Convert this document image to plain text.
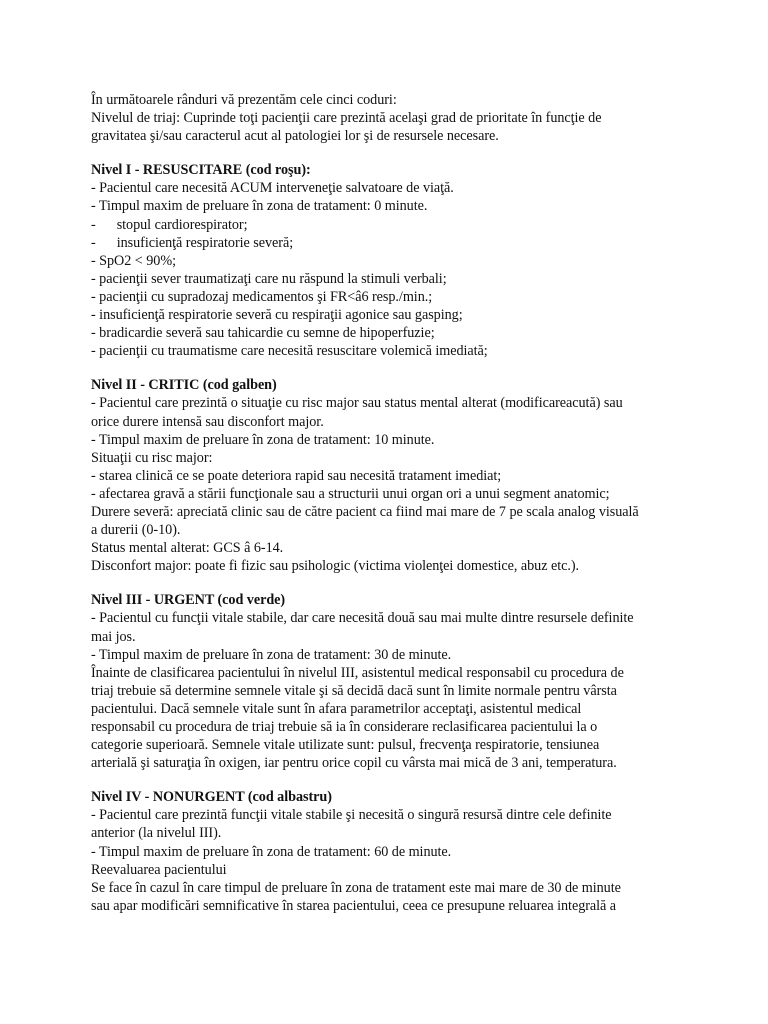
În următoarele rânduri vă prezentăm cele cinci coduri:
Nivelul de triaj: Cuprinde toţi pacienţii care prezintă acelaşi grad de prioritate în funcţie de
gravitatea şi/sau caracterul acut al patologiei lor şi de resursele necesare.
Nivel I - RESUSCITARE (cod roşu):
- Pacientul care necesită ACUM interveneţie salvatoare de viaţă.
- Timpul maxim de preluare în zona de tratament: 0 minute.
- stopul cardiorespirator;
- insuficienţă respiratorie severă;
- SpO2 < 90%;
- pacienţii sever traumatizaţi care nu răspund la stimuli verbali;
- pacienţii cu supradozaj medicamentos şi FR<â6 resp./min.;
- insuficienţă respiratorie severă cu respiraţii agonice sau gasping;
- bradicardie severă sau tahicardie cu semne de hipoperfuzie;
- pacienţii cu traumatisme care necesită resuscitare volemică imediată;
Nivel II - CRITIC (cod galben)
- Pacientul care prezintă o situaţie cu risc major sau status mental alterat (modificareacută) sau
orice durere intensă sau disconfort major.
- Timpul maxim de preluare în zona de tratament: 10 minute.
Situaţii cu risc major:
- starea clinică ce se poate deteriora rapid sau necesită tratament imediat;
- afectarea gravă a stării funcţionale sau a structurii unui organ ori a unui segment anatomic;
Durere severă: apreciată clinic sau de către pacient ca fiind mai mare de 7 pe scala analog visuală
a durerii (0-10).
Status mental alterat: GCS â 6-14.
Disconfort major: poate fi fizic sau psihologic (victima violenţei domestice, abuz etc.).
Nivel III - URGENT (cod verde)
- Pacientul cu funcţii vitale stabile, dar care necesită două sau mai multe dintre resursele definite
mai jos.
- Timpul maxim de preluare în zona de tratament: 30 de minute.
Înainte de clasificarea pacientului în nivelul III, asistentul medical responsabil cu procedura de
triaj trebuie să determine semnele vitale şi să decidă dacă sunt în limite normale pentru vârsta
pacientului. Dacă semnele vitale sunt în afara parametrilor acceptaţi, asistentul medical
responsabil cu procedura de triaj trebuie să ia în considerare reclasificarea pacientului la o
categorie superioară. Semnele vitale utilizate sunt: pulsul, frecvenţa respiratorie, tensiunea
arterială şi saturaţia în oxigen, iar pentru orice copil cu vârsta mai mică de 3 ani, temperatura.
Nivel IV - NONURGENT (cod albastru)
- Pacientul care prezintă funcţii vitale stabile şi necesită o singură resursă dintre cele definite
anterior (la nivelul III).
- Timpul maxim de preluare în zona de tratament: 60 de minute.
Reevaluarea pacientului
Se face în cazul în care timpul de preluare în zona de tratament este mai mare de 30 de minute
sau apar modificări semnificative în starea pacientului, ceea ce presupune reluarea integrală a
